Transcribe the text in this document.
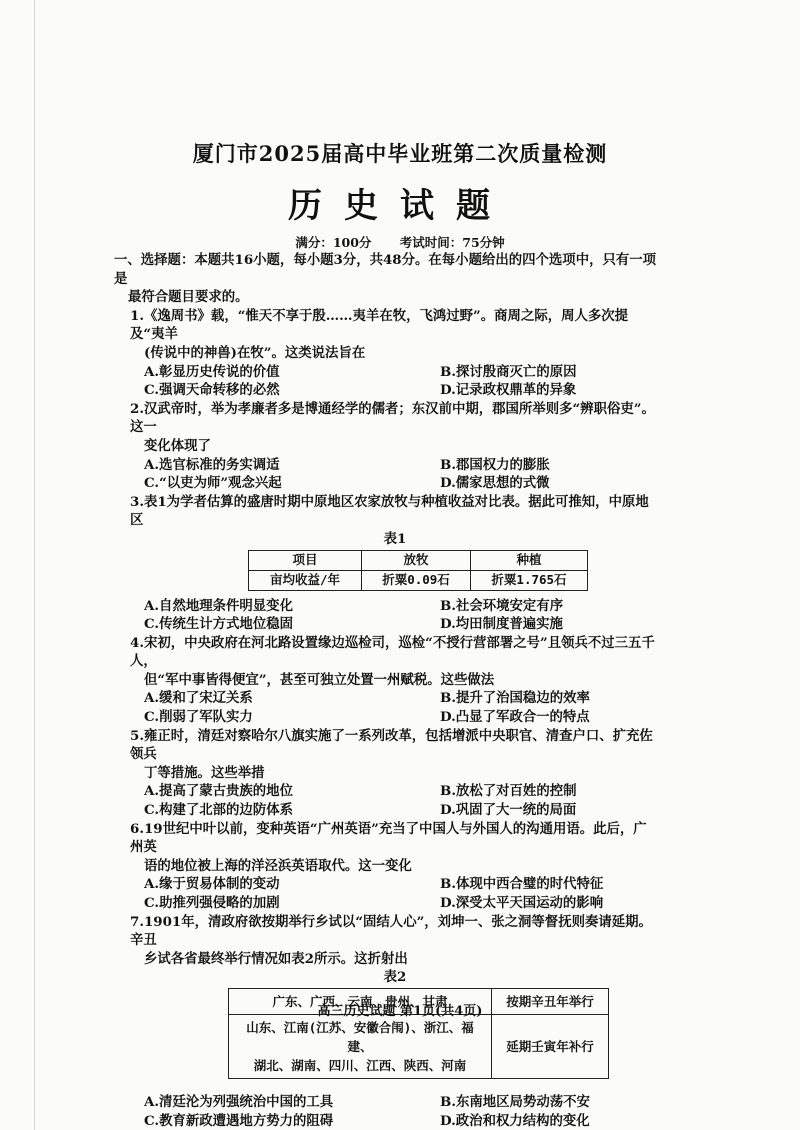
厦门市2025届高中毕业班第二次质量检测
历史试题
满分：100分 考试时间：75分钟

一、选择题：本题共16小题，每小题3分，共48分。在每小题给出的四个选项中，只有一项是

最符合题目要求的。

1.《逸周书》载，“惟天不享于殷……夷羊在牧，飞鸿过野”。商周之际，周人多次提及“夷羊

(传说中的神兽)在牧”。这类说法旨在

A.彰显历史传说的价值	B.探讨殷商灭亡的原因
C.强调天命转移的必然	D.记录政权鼎革的异象

2.汉武帝时，举为孝廉者多是博通经学的儒者；东汉前中期，郡国所举则多“辨职俗吏”。这一

变化体现了

A.选官标准的务实调适	B.郡国权力的膨胀
C.“以吏为师”观念兴起	D.儒家思想的式微

3.表1为学者估算的盛唐时期中原地区农家放牧与种植收益对比表。据此可推知，中原地区

表1

项目	放牧	种植
亩均收益/年	折粟0.09石	折粟1.765石
A.自然地理条件明显变化	B.社会环境安定有序
C.传统生计方式地位稳固	D.均田制度普遍实施

4.宋初，中央政府在河北路设置缘边巡检司，巡检“不授行营部署之号”且领兵不过三五千人，

但“军中事皆得便宜”，甚至可独立处置一州赋税。这些做法

A.缓和了宋辽关系	B.提升了治国稳边的效率
C.削弱了军队实力	D.凸显了军政合一的特点

5.雍正时，清廷对察哈尔八旗实施了一系列改革，包括增派中央职官、清查户口、扩充佐领兵

丁等措施。这些举措

A.提高了蒙古贵族的地位	B.放松了对百姓的控制
C.构建了北部的边防体系	D.巩固了大一统的局面

6.19世纪中叶以前，变种英语“广州英语”充当了中国人与外国人的沟通用语。此后，广州英

语的地位被上海的洋泾浜英语取代。这一变化

A.缘于贸易体制的变动	B.体现中西合璧的时代特征
C.助推列强侵略的加剧	D.深受太平天国运动的影响

7.1901年，清政府欲按期举行乡试以“固结人心”，刘坤一、张之洞等督抚则奏请延期。辛丑

乡试各省最终举行情况如表2所示。这折射出

表2

广东、广西、云南、贵州、甘肃	按期辛丑年举行

山东、江南(江苏、安徽合闱)、浙江、福建、
湖北、湖南、四川、江西、陕西、河南	延期壬寅年补行
A.清廷沦为列强统治中国的工具	B.东南地区局势动荡不安
C.教育新政遭遇地方势力的阻碍	D.政治和权力结构的变化
高三历史试题 第1页(共4页)
